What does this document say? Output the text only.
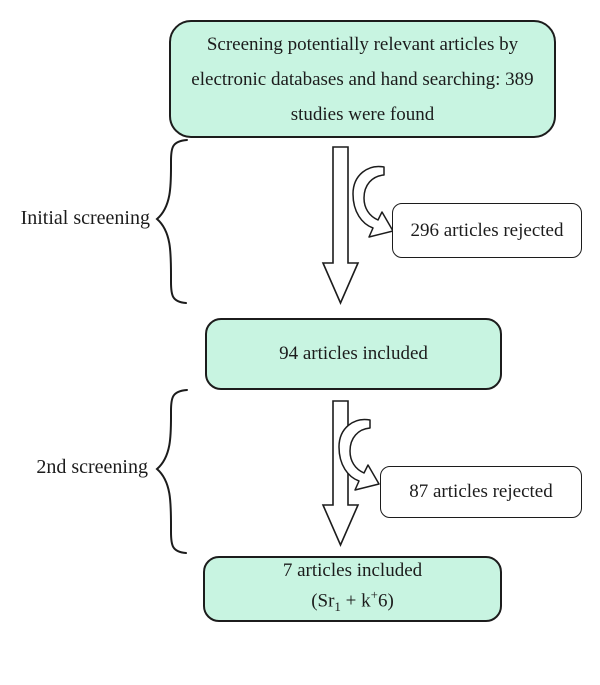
Screening potentially relevant articles by
electronic databases and hand searching: 389
studies were found
Initial screening
296 articles rejected
94 articles included
2nd screening
87 articles rejected
7 articles included
$(Sr_1 + k^+6)$
